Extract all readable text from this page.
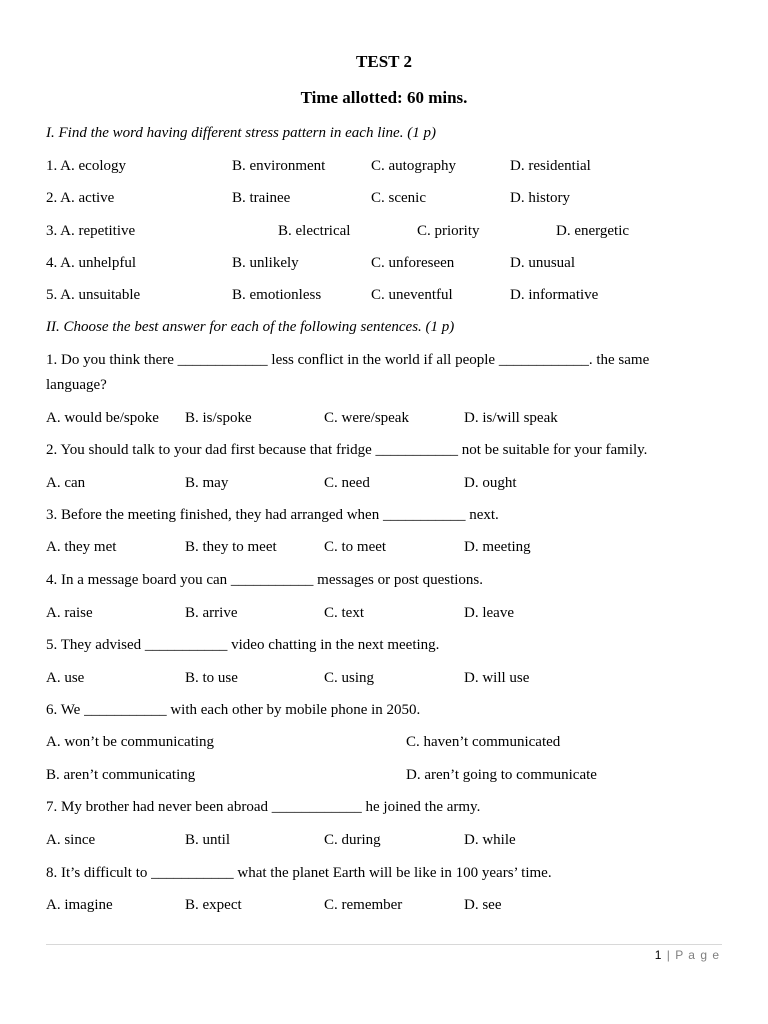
TEST 2
Time allotted: 60 mins.
I. Find the word having different stress pattern in each line. (1 p)
1. A. ecology	B. environment	C. autography	D. residential
2. A. active	B. trainee	C. scenic	D. history
3. A. repetitive	B. electrical	C. priority	D. energetic
4. A. unhelpful	B. unlikely	C. unforeseen	D. unusual
5. A. unsuitable	B. emotionless	C. uneventful	D. informative
II. Choose the best answer for each of the following sentences. (1 p)
1. Do you think there ____________ less conflict in the world if all people ____________. the same
language?
A. would be/spoke B. is/spoke	C. were/speak	D. is/will speak
2. You should talk to your dad first because that fridge ___________ not be suitable for your family.
A. can	B. may	C. need	D. ought
3. Before the meeting finished, they had arranged when ___________ next.
A. they met	B. they to meet	C. to meet	D. meeting
4. In a message board you can ___________ messages or post questions.
A. raise	B. arrive	C. text	D. leave
5. They advised ___________ video chatting in the next meeting.
A. use	B. to use	C. using	D. will use
6. We ___________ with each other by mobile phone in 2050.
A. won’t be communicating	C. haven’t communicated
B. aren’t communicating	D. aren’t going to communicate
7. My brother had never been abroad ____________ he joined the army.
A. since	B. until	C. during	D. while
8. It’s difficult to ___________ what the planet Earth will be like in 100 years’ time.
A. imagine	B. expect	C. remember	D. see
1 | P a g e
